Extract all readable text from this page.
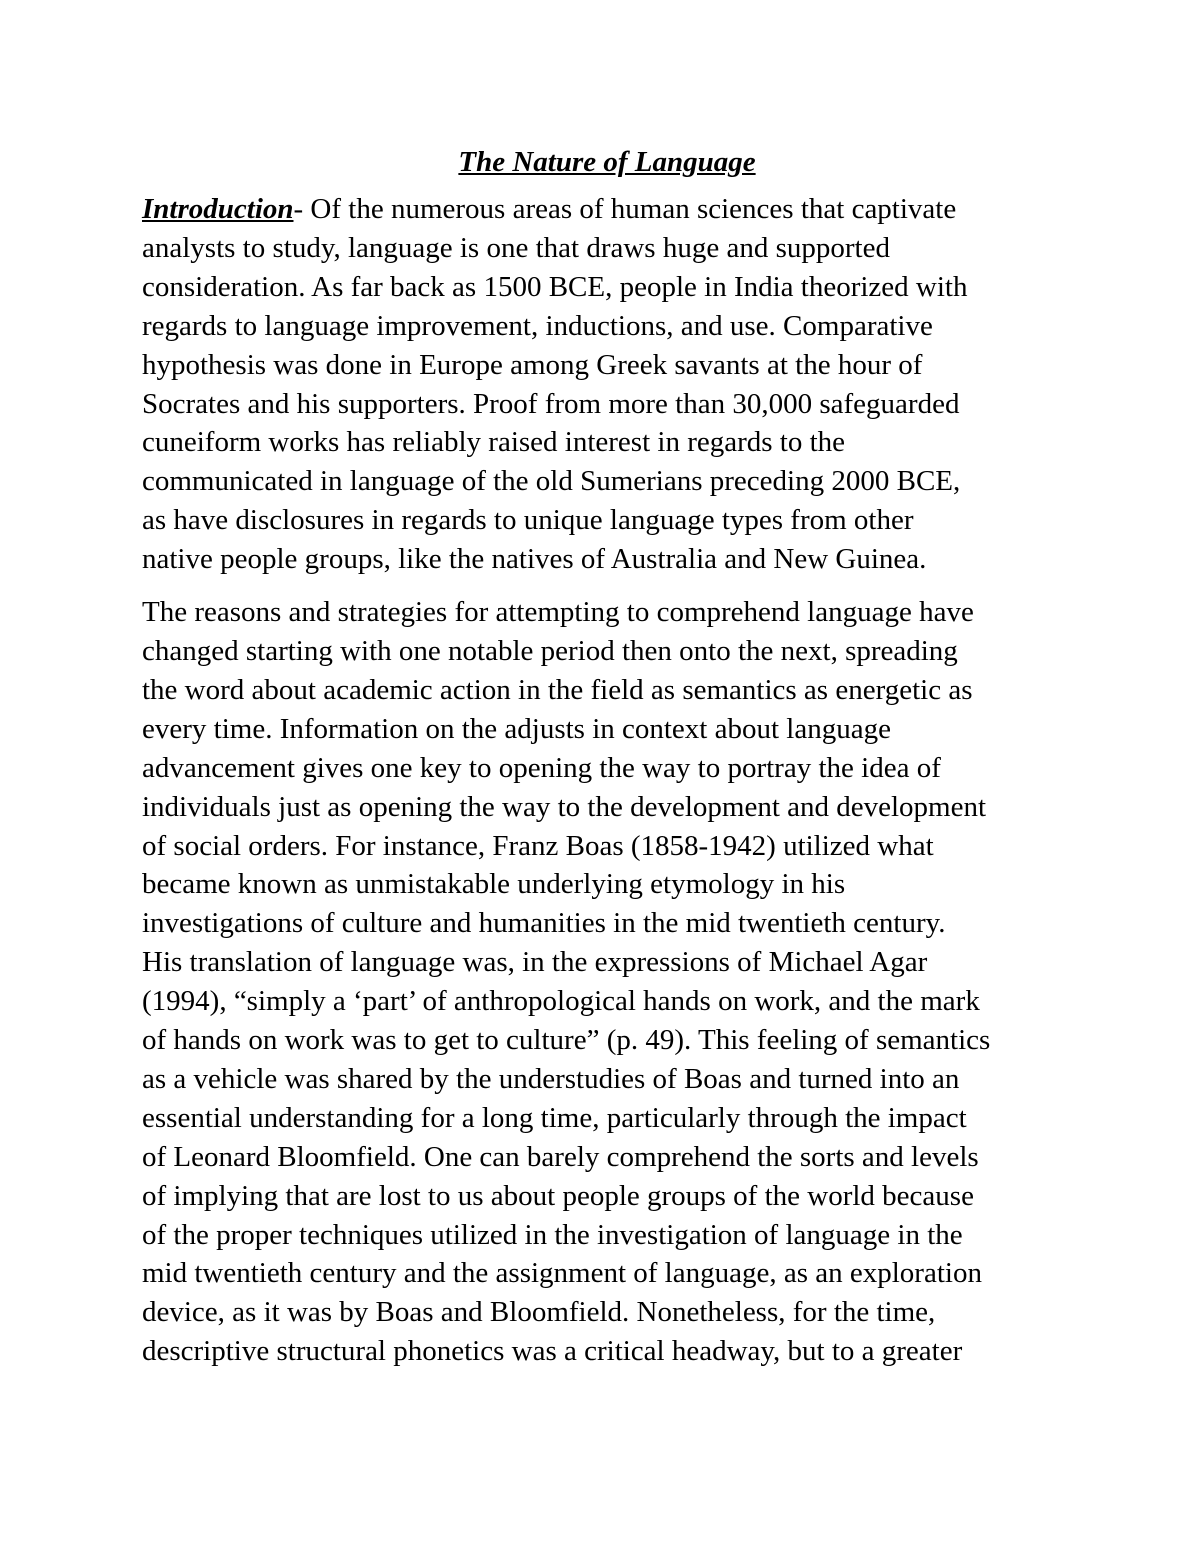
The Nature of Language

Introduction- Of the numerous areas of human sciences that captivate
analysts to study, language is one that draws huge and supported
consideration. As far back as 1500 BCE, people in India theorized with
regards to language improvement, inductions, and use. Comparative
hypothesis was done in Europe among Greek savants at the hour of
Socrates and his supporters. Proof from more than 30,000 safeguarded
cuneiform works has reliably raised interest in regards to the
communicated in language of the old Sumerians preceding 2000 BCE,
as have disclosures in regards to unique language types from other
native people groups, like the natives of Australia and New Guinea.

The reasons and strategies for attempting to comprehend language have
changed starting with one notable period then onto the next, spreading
the word about academic action in the field as semantics as energetic as
every time. Information on the adjusts in context about language
advancement gives one key to opening the way to portray the idea of
individuals just as opening the way to the development and development
of social orders. For instance, Franz Boas (1858-1942) utilized what
became known as unmistakable underlying etymology in his
investigations of culture and humanities in the mid twentieth century.
His translation of language was, in the expressions of Michael Agar
(1994), “simply a ‘part’ of anthropological hands on work, and the mark
of hands on work was to get to culture” (p. 49). This feeling of semantics
as a vehicle was shared by the understudies of Boas and turned into an
essential understanding for a long time, particularly through the impact
of Leonard Bloomfield. One can barely comprehend the sorts and levels
of implying that are lost to us about people groups of the world because
of the proper techniques utilized in the investigation of language in the
mid twentieth century and the assignment of language, as an exploration
device, as it was by Boas and Bloomfield. Nonetheless, for the time,
descriptive structural phonetics was a critical headway, but to a greater
